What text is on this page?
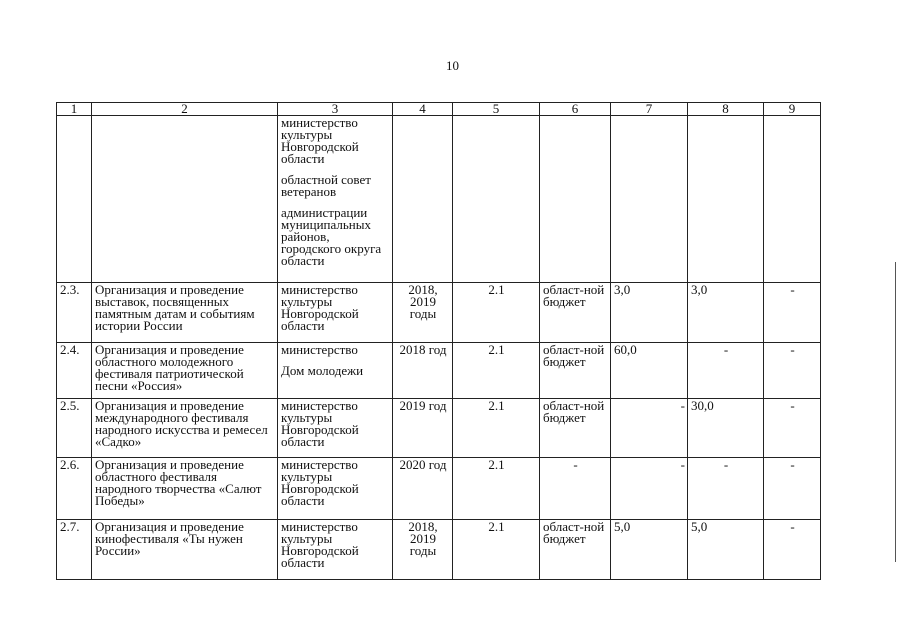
10
1	2	3	4	5	6	7	8	9

		министерство культуры Новгородской области
областной совет ветеранов
администрации муниципальных районов, городского округа области						

2.3.	Организация и проведение выставок, посвященных памятным датам и событиям истории России	министерство культуры Новгородской области	2018, 2019 годы	2.1	област-ной бюджет	3,0	3,0	-
2.4.	Организация и проведение областного молодежного фестиваля патриотической песни «Россия»	министерство
Дом молодежи	2018 год	2.1	област-ной бюджет	60,0	-	-
2.5.	Организация и проведение международного фестиваля народного искусства и ремесел «Садко»	министерство культуры Новгородской области	2019 год	2.1	област-ной бюджет	-	30,0	-
2.6.	Организация и проведение областного фестиваля народного творчества «Салют Победы»	министерство культуры Новгородской области	2020 год	2.1	-	-	-	-
2.7.	Организация и проведение кинофестиваля «Ты нужен России»	министерство культуры Новгородской области	2018, 2019 годы	2.1	област-ной бюджет	5,0	5,0	-
